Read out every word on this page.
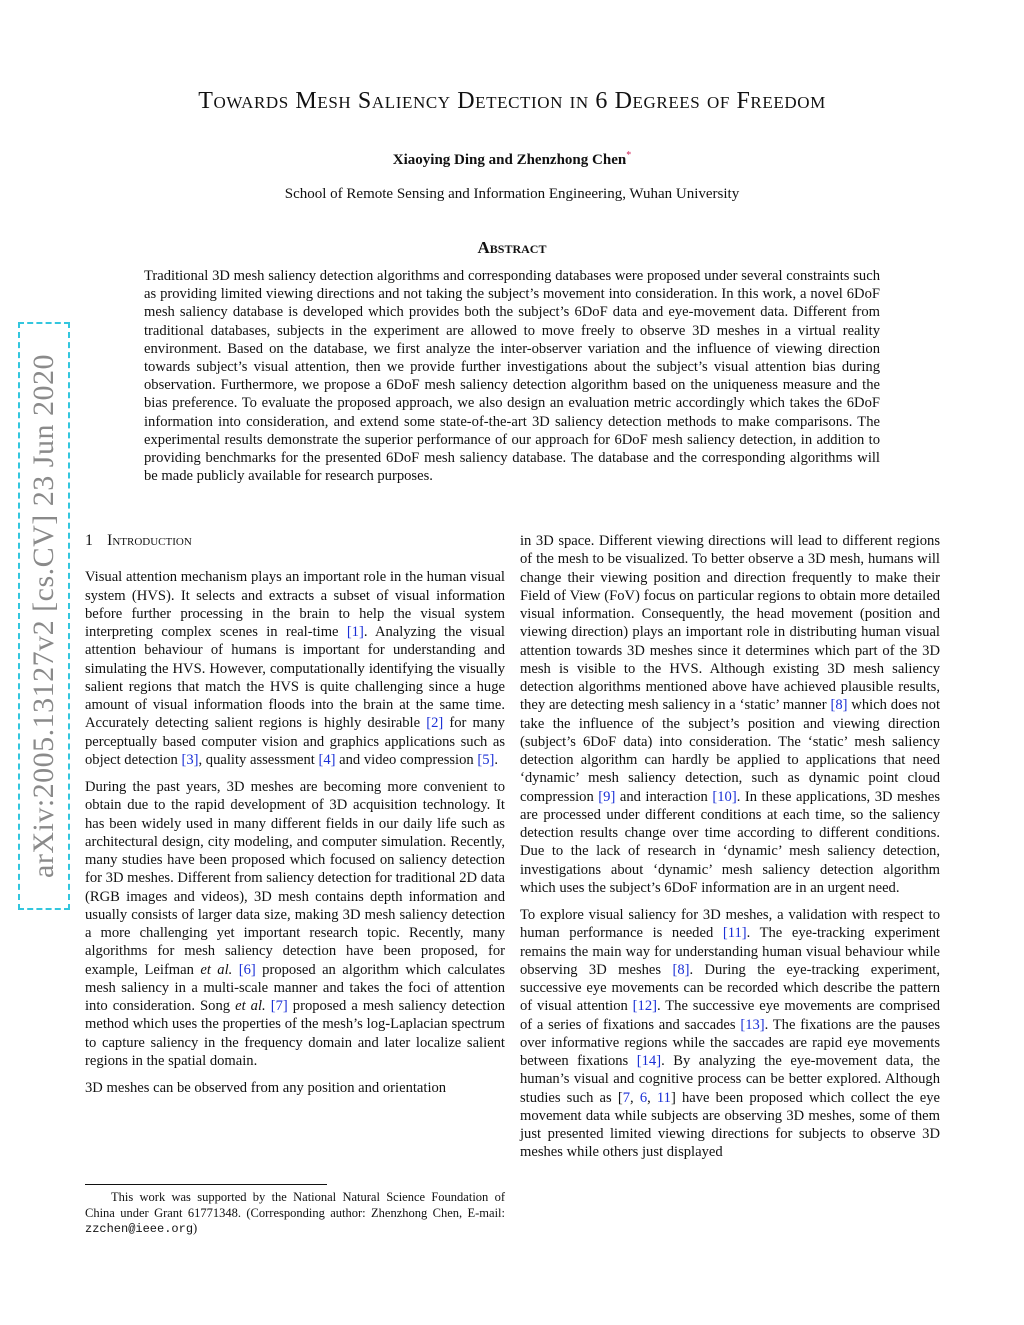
arXiv:2005.13127v2 [cs.CV] 23 Jun 2020
Towards Mesh Saliency Detection in 6 Degrees of Freedom
Xiaoying Ding and Zhenzhong Chen*
School of Remote Sensing and Information Engineering, Wuhan University
Abstract
Traditional 3D mesh saliency detection algorithms and corresponding databases were proposed under several constraints such as providing limited viewing directions and not taking the subject’s movement into consideration. In this work, a novel 6DoF mesh saliency database is developed which provides both the subject’s 6DoF data and eye-movement data. Different from traditional databases, subjects in the experiment are allowed to move freely to observe 3D meshes in a virtual reality environment. Based on the database, we first analyze the inter-observer variation and the influence of viewing direction towards subject’s visual attention, then we provide further investigations about the subject’s visual attention bias during observation. Furthermore, we propose a 6DoF mesh saliency detection algorithm based on the uniqueness measure and the bias preference. To evaluate the proposed approach, we also design an evaluation metric accordingly which takes the 6DoF information into consideration, and extend some state-of-the-art 3D saliency detection methods to make comparisons. The experimental results demonstrate the superior performance of our approach for 6DoF mesh saliency detection, in addition to providing benchmarks for the presented 6DoF mesh saliency database. The database and the corresponding algorithms will be made publicly available for research purposes.
1 Introduction

Visual attention mechanism plays an important role in the human visual system (HVS). It selects and extracts a subset of visual information before further processing in the brain to help the visual system interpreting complex scenes in real-time [1]. Analyzing the visual attention behaviour of humans is important for understanding and simulating the HVS. However, computationally identifying the visually salient regions that match the HVS is quite challenging since a huge amount of visual information floods into the brain at the same time. Accurately detecting salient regions is highly desirable [2] for many perceptually based computer vision and graphics applications such as object detection [3], quality assessment [4] and video compression [5].

During the past years, 3D meshes are becoming more convenient to obtain due to the rapid development of 3D acquisition technology. It has been widely used in many different fields in our daily life such as architectural design, city modeling, and computer simulation. Recently, many studies have been proposed which focused on saliency detection for 3D meshes. Different from saliency detection for traditional 2D data (RGB images and videos), 3D mesh contains depth information and usually consists of larger data size, making 3D mesh saliency detection a more challenging yet important research topic. Recently, many algorithms for mesh saliency detection have been proposed, for example, Leifman et al. [6] proposed an algorithm which calculates mesh saliency in a multi-scale manner and takes the foci of attention into consideration. Song et al. [7] proposed a mesh saliency detection method which uses the properties of the mesh’s log-Laplacian spectrum to capture saliency in the frequency domain and later localize salient regions in the spatial domain.

3D meshes can be observed from any position and orientation

in 3D space. Different viewing directions will lead to different regions of the mesh to be visualized. To better observe a 3D mesh, humans will change their viewing position and direction frequently to make their Field of View (FoV) focus on particular regions to obtain more detailed visual information. Consequently, the head movement (position and viewing direction) plays an important role in distributing human visual attention towards 3D meshes since it determines which part of the 3D mesh is visible to the HVS. Although existing 3D mesh saliency detection algorithms mentioned above have achieved plausible results, they are detecting mesh saliency in a ‘static’ manner [8] which does not take the influence of the subject’s position and viewing direction (subject’s 6DoF data) into consideration. The ‘static’ mesh saliency detection algorithm can hardly be applied to applications that need ‘dynamic’ mesh saliency detection, such as dynamic point cloud compression [9] and interaction [10]. In these applications, 3D meshes are processed under different conditions at each time, so the saliency detection results change over time according to different conditions. Due to the lack of research in ‘dynamic’ mesh saliency detection, investigations about ‘dynamic’ mesh saliency detection algorithm which uses the subject’s 6DoF information are in an urgent need.

To explore visual saliency for 3D meshes, a validation with respect to human performance is needed [11]. The eye-tracking experiment remains the main way for understanding human visual behaviour while observing 3D meshes [8]. During the eye-tracking experiment, successive eye movements can be recorded which describe the pattern of visual attention [12]. The successive eye movements are comprised of a series of fixations and saccades [13]. The fixations are the pauses over informative regions while the saccades are rapid eye movements between fixations [14]. By analyzing the eye-movement data, the human’s visual and cognitive process can be better explored. Although studies such as [7, 6, 11] have been proposed which collect the eye movement data while subjects are observing 3D meshes, some of them just presented limited viewing directions for subjects to observe 3D meshes while others just displayed

This work was supported by the National Natural Science Foundation of China under Grant 61771348. (Corresponding author: Zhenzhong Chen, E-mail: zzchen@ieee.org)
